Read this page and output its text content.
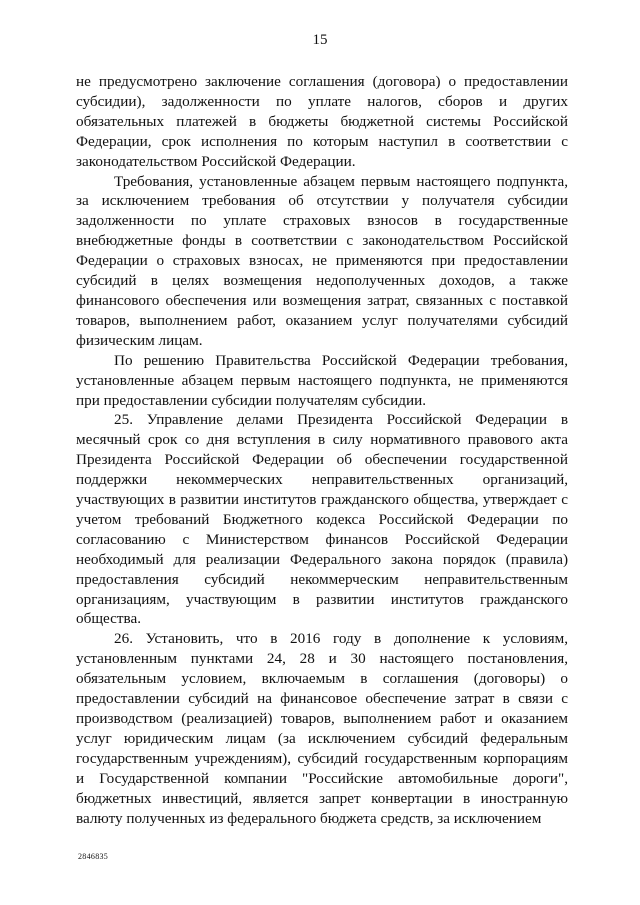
15

не предусмотрено заключение соглашения (договора) о предоставлении субсидии), задолженности по уплате налогов, сборов и других обязательных платежей в бюджеты бюджетной системы Российской Федерации, срок исполнения по которым наступил в соответствии с законодательством Российской Федерации.

Требования, установленные абзацем первым настоящего подпункта, за исключением требования об отсутствии у получателя субсидии задолженности по уплате страховых взносов в государственные внебюджетные фонды в соответствии с законодательством Российской Федерации о страховых взносах, не применяются при предоставлении субсидий в целях возмещения недополученных доходов, а также финансового обеспечения или возмещения затрат, связанных с поставкой товаров, выполнением работ, оказанием услуг получателями субсидий физическим лицам.

По решению Правительства Российской Федерации требования, установленные абзацем первым настоящего подпункта, не применяются при предоставлении субсидии получателям субсидии.

25. Управление делами Президента Российской Федерации в месячный срок со дня вступления в силу нормативного правового акта Президента Российской Федерации об обеспечении государственной поддержки некоммерческих неправительственных организаций, участвующих в развитии институтов гражданского общества, утверждает с учетом требований Бюджетного кодекса Российской Федерации по согласованию с Министерством финансов Российской Федерации необходимый для реализации Федерального закона порядок (правила) предоставления субсидий некоммерческим неправительственным организациям, участвующим в развитии институтов гражданского общества.

26. Установить, что в 2016 году в дополнение к условиям, установленным пунктами 24, 28 и 30 настоящего постановления, обязательным условием, включаемым в соглашения (договоры) о предоставлении субсидий на финансовое обеспечение затрат в связи с производством (реализацией) товаров, выполнением работ и оказанием услуг юридическим лицам (за исключением субсидий федеральным государственным учреждениям), субсидий государственным корпорациям и Государственной компании "Российские автомобильные дороги", бюджетных инвестиций, является запрет конвертации в иностранную валюту полученных из федерального бюджета средств, за исключением

2846835
